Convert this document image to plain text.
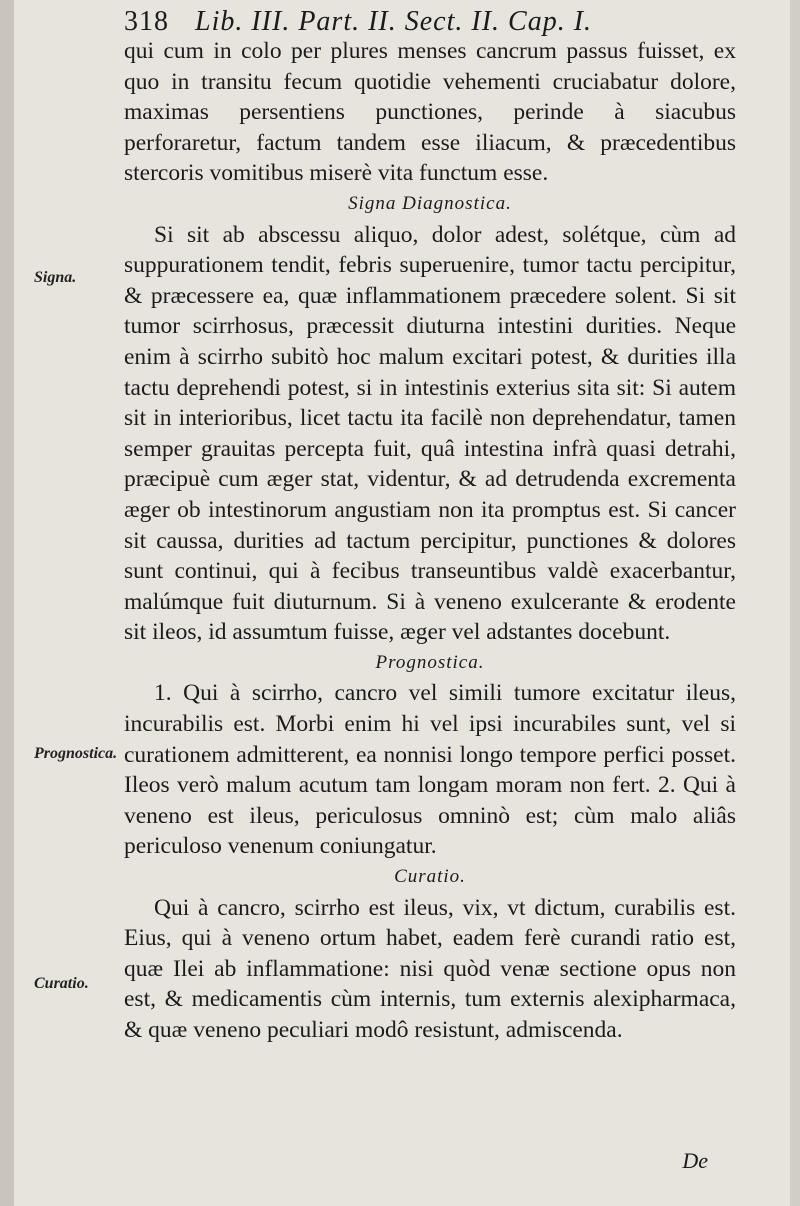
318 Lib. III. Part. II. Sect. II. Cap. I.
Signa.
Prognostica.
Curatio.

qui cum in colo per plures menses cancrum passus fuisset, ex quo in transitu fecum quotidie vehementi cruciabatur dolore, maximas persentiens punctiones, perinde à siacubus perforaretur, factum tandem esse iliacum, & præcedentibus stercoris vomitibus miserè vita functum esse.

Signa Diagnostica.

Si sit ab abscessu aliquo, dolor adest, solétque, cùm ad suppurationem tendit, febris superuenire, tumor tactu percipitur, & præcessere ea, quæ inflammationem præcedere solent. Si sit tumor scirrhosus, præcessit diuturna intestini durities. Neque enim à scirrho subitò hoc malum excitari potest, & durities illa tactu deprehendi potest, si in intestinis exterius sita sit: Si autem sit in interioribus, licet tactu ita facilè non deprehendatur, tamen semper grauitas percepta fuit, quâ intestina infrà quasi detrahi, præcipuè cum æger stat, videntur, & ad detrudenda excrementa æger ob intestinorum angustiam non ita promptus est. Si cancer sit caussa, durities ad tactum percipitur, punctiones & dolores sunt continui, qui à fecibus transeuntibus valdè exacerbantur, malúmque fuit diuturnum. Si à veneno exulcerante & erodente sit ileos, id assumtum fuisse, æger vel adstantes docebunt.

Prognostica.

1. Qui à scirrho, cancro vel simili tumore excitatur ileus, incurabilis est. Morbi enim hi vel ipsi incurabiles sunt, vel si curationem admitterent, ea nonnisi longo tempore perfici posset. Ileos verò malum acutum tam longam moram non fert. 2. Qui à veneno est ileus, periculosus omninò est; cùm malo aliâs periculoso venenum coniungatur.

Curatio.

Qui à cancro, scirrho est ileus, vix, vt dictum, curabilis est. Eius, qui à veneno ortum habet, eadem ferè curandi ratio est, quæ Ilei ab inflammatione: nisi quòd venæ sectione opus non est, & medicamentis cùm internis, tum externis alexipharmaca, & quæ veneno peculiari modô resistunt, admiscenda.

De
